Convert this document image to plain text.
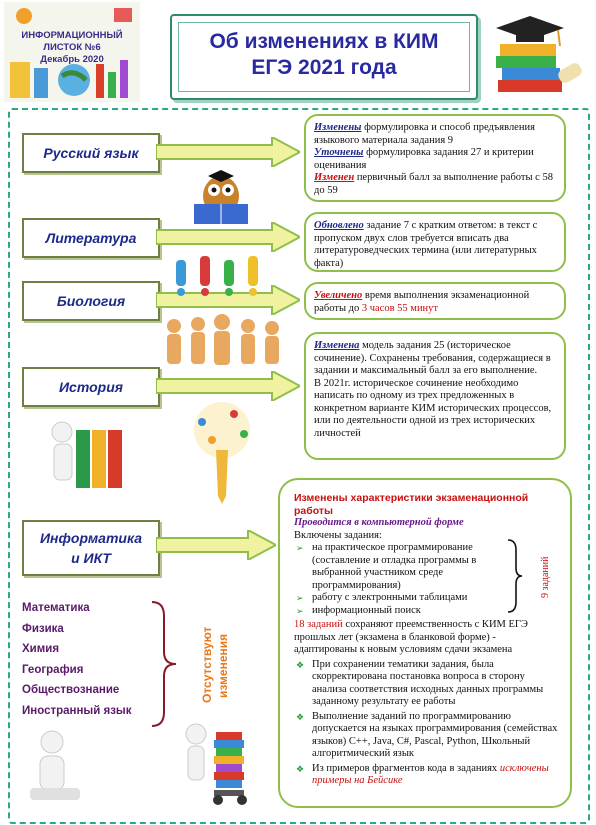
ИНФОРМАЦИОННЫЙ
ЛИСТОК №6
Декабрь 2020
Об изменениях в КИМ
ЕГЭ 2021 года
Русский язык
Литература
Биология
История
Информатика
и ИКТ
Изменены формулировка и способ предъявления языкового материала задания 9
Уточнены формулировка задания 27 и критерии оценивания
Изменен первичный балл за выполнение работы с 58 до 59
Обновлено задание 7 с кратким ответом: в текст с пропуском двух слов требуется вписать два литературоведческих термина (или литературных факта)
Увеличено время выполнения экзаменационной работы до 3 часов 55 минут
Изменена модель задания 25 (историческое сочинение). Сохранены требования, содержащиеся в задании и максимальный балл за его выполнение.
В 2021г. историческое сочинение необходимо написать по одному из трех предложенных в конкретном варианте КИМ исторических процессов, или по деятельности одной из трех исторических личностей
Изменены характеристики экзаменационной работы
Проводится в компьютерной форме
Включены задания:
➢ на практическое программирование (составление и отладка программы в выбранной участником среде программирования)
➢ работу с электронными таблицами
➢ информационный поиск
18 заданий сохраняют преемственность с КИМ ЕГЭ прошлых лет (экзамена в бланковой форме) - адаптированы к новым условиям сдачи экзамена
❖ При сохранении тематики задания, была скорректирована постановка вопроса в сторону анализа соответствия исходных данных программы заданному результату ее работы
❖ Выполнение заданий по программированию допускается на языках программирования (семействах языков) C++, Java, C#, Pascal, Python, Школьный алгоритмический язык
❖ Из примеров фрагментов кода в заданиях исключены примеры на Бейсике
9 заданий
Математика
Физика
Химия
География
Обществознание
Иностранный язык
Отсутствуют изменения
